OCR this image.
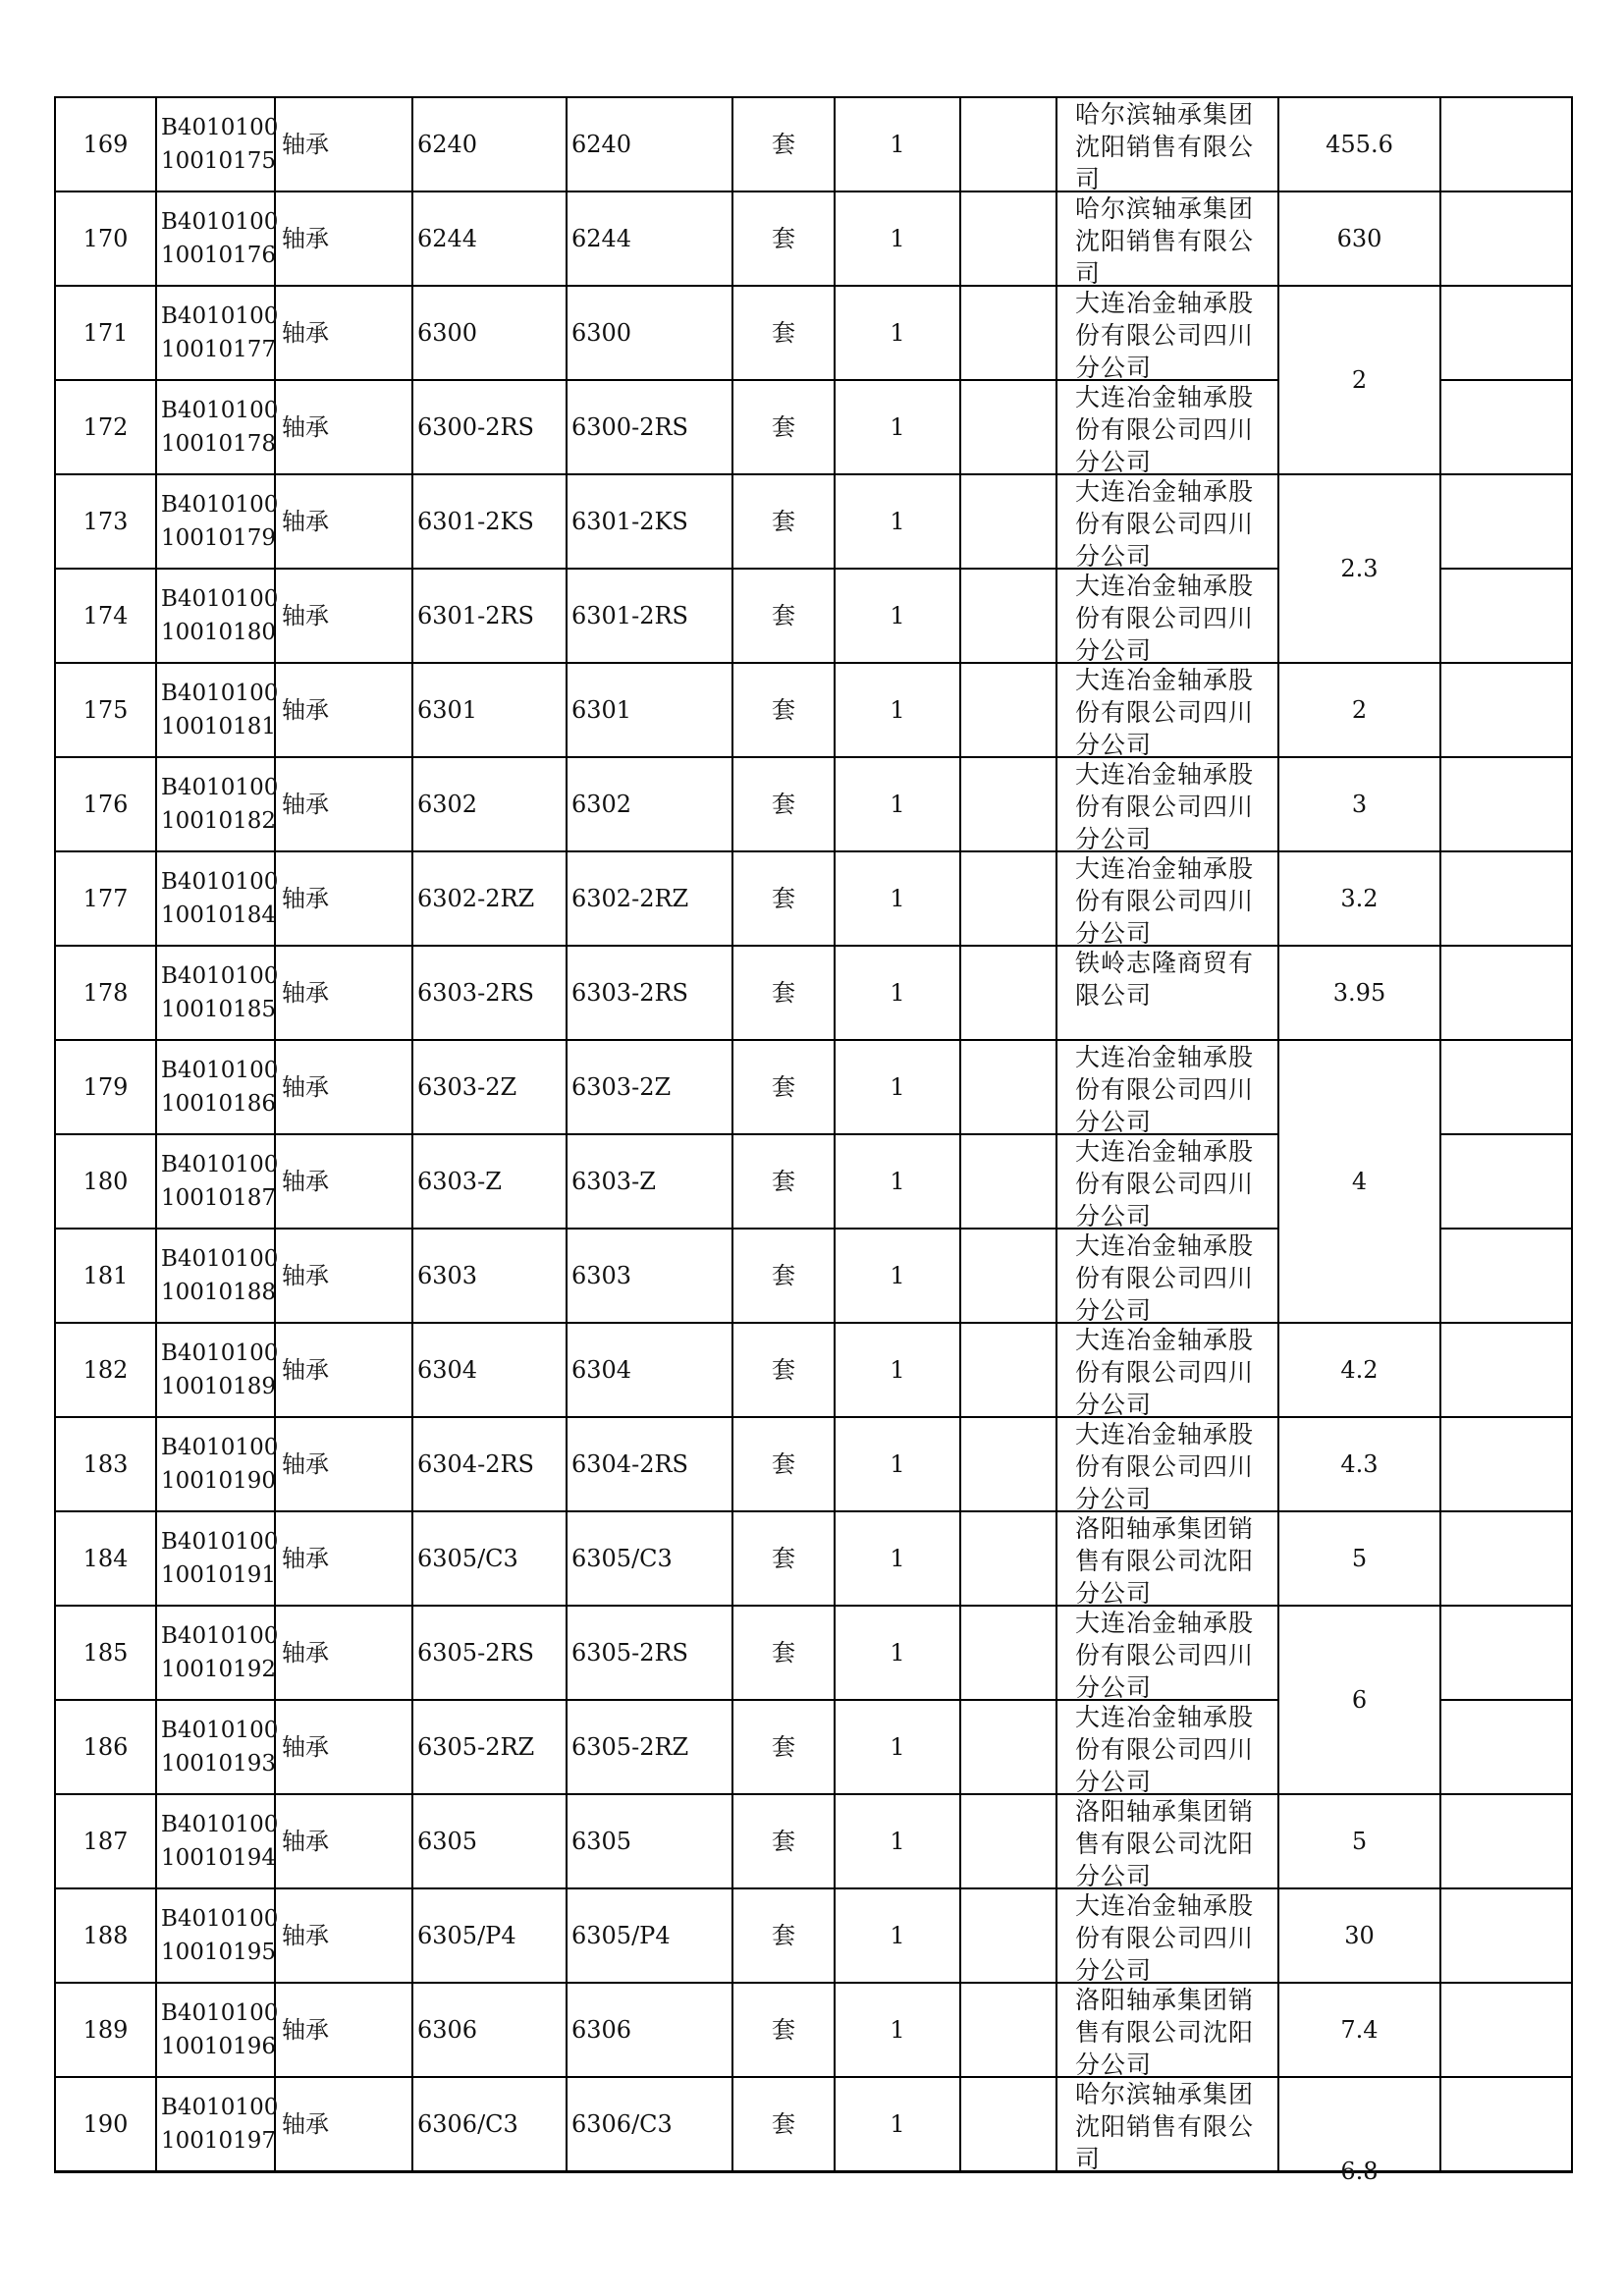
169	B4010100
10010175	轴承	6240	6240	套	1		哈尔滨轴承集团沈阳销售有限公司	455.6	
170	B4010100
10010176	轴承	6244	6244	套	1		哈尔滨轴承集团沈阳销售有限公司	630	
171	B4010100
10010177	轴承	6300	6300	套	1		大连冶金轴承股份有限公司四川分公司	2	
172	B4010100
10010178	轴承	6300-2RS	6300-2RS	套	1		大连冶金轴承股份有限公司四川分公司		

173	B4010100
10010179	轴承	6301-2KS	6301-2KS	套	1		大连冶金轴承股份有限公司四川分公司	2.3	
174	B4010100
10010180	轴承	6301-2RS	6301-2RS	套	1		大连冶金轴承股份有限公司四川分公司		

175	B4010100
10010181	轴承	6301	6301	套	1		大连冶金轴承股份有限公司四川分公司	2	
176	B4010100
10010182	轴承	6302	6302	套	1		大连冶金轴承股份有限公司四川分公司	3	
177	B4010100
10010184	轴承	6302-2RZ	6302-2RZ	套	1		大连冶金轴承股份有限公司四川分公司	3.2	
178	B4010100
10010185	轴承	6303-2RS	6303-2RS	套	1		铁岭志隆商贸有限公司	3.95	
179	B4010100
10010186	轴承	6303-2Z	6303-2Z	套	1		大连冶金轴承股份有限公司四川分公司	4	
180	B4010100
10010187	轴承	6303-Z	6303-Z	套	1		大连冶金轴承股份有限公司四川分公司		

181	B4010100
10010188	轴承	6303	6303	套	1		大连冶金轴承股份有限公司四川分公司		

182	B4010100
10010189	轴承	6304	6304	套	1		大连冶金轴承股份有限公司四川分公司	4.2	
183	B4010100
10010190	轴承	6304-2RS	6304-2RS	套	1		大连冶金轴承股份有限公司四川分公司	4.3	
184	B4010100
10010191	轴承	6305/C3	6305/C3	套	1		洛阳轴承集团销售有限公司沈阳分公司	5	
185	B4010100
10010192	轴承	6305-2RS	6305-2RS	套	1		大连冶金轴承股份有限公司四川分公司	6	
186	B4010100
10010193	轴承	6305-2RZ	6305-2RZ	套	1		大连冶金轴承股份有限公司四川分公司		

187	B4010100
10010194	轴承	6305	6305	套	1		洛阳轴承集团销售有限公司沈阳分公司	5	
188	B4010100
10010195	轴承	6305/P4	6305/P4	套	1		大连冶金轴承股份有限公司四川分公司	30	
189	B4010100
10010196	轴承	6306	6306	套	1		洛阳轴承集团销售有限公司沈阳分公司	7.4	
190	B4010100
10010197	轴承	6306/C3	6306/C3	套	1		哈尔滨轴承集团沈阳销售有限公司	6.8	
